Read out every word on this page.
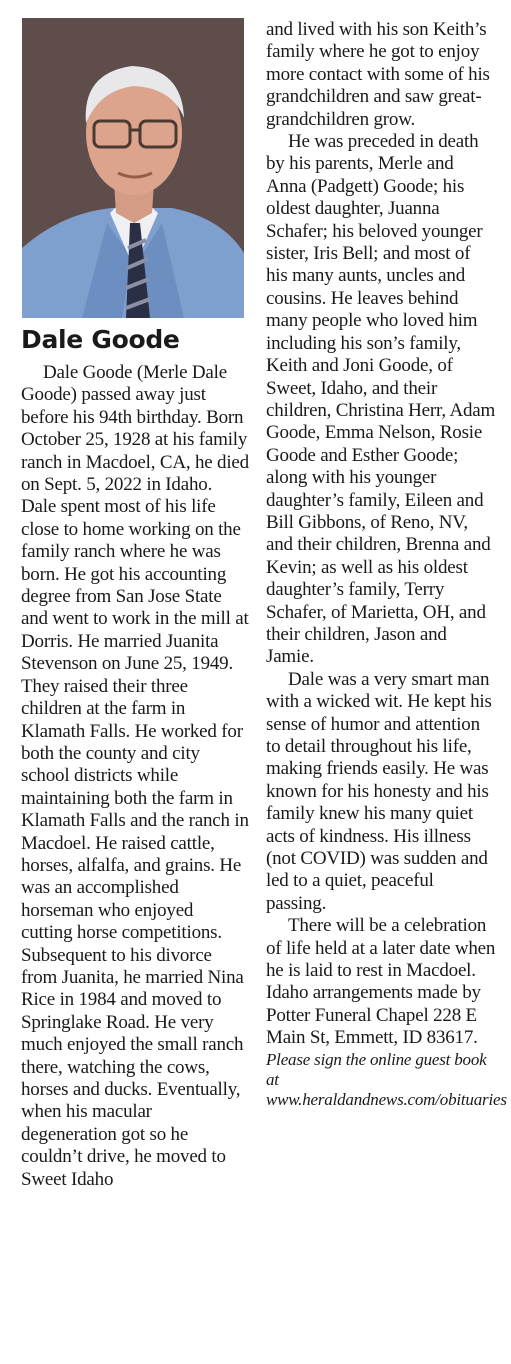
Dale Goode

Dale Goode (Merle Dale Goode) passed away just before his 94th birthday. Born October 25, 1928 at his family ranch in Macdoel, CA, he died on Sept. 5, 2022 in Idaho. Dale spent most of his life close to home working on the family ranch where he was born. He got his accounting degree from San Jose State and went to work in the mill at Dorris. He married Juanita Stevenson on June 25, 1949. They raised their three children at the farm in Klamath Falls. He worked for both the county and city school districts while maintaining both the farm in Klamath Falls and the ranch in Macdoel. He raised cattle, horses, alfalfa, and grains. He was an accomplished horseman who enjoyed cutting horse competitions. Subsequent to his divorce from Juanita, he married Nina Rice in 1984 and moved to Springlake Road. He very much enjoyed the small ranch there, watching the cows, horses and ducks. Eventually, when his macular degeneration got so he couldn’t drive, he moved to Sweet Idaho

and lived with his son Keith’s family where he got to enjoy more contact with some of his grandchildren and saw great-grandchildren grow.

He was preceded in death by his parents, Merle and Anna (Padgett) Goode; his oldest daughter, Juanna Schafer; his beloved younger sister, Iris Bell; and most of his many aunts, uncles and cousins. He leaves behind many people who loved him including his son’s family, Keith and Joni Goode, of Sweet, Idaho, and their children, Christina Herr, Adam Goode, Emma Nelson, Rosie Goode and Esther Goode; along with his younger daughter’s family, Eileen and Bill Gibbons, of Reno, NV, and their children, Brenna and Kevin; as well as his oldest daughter’s family, Terry Schafer, of Marietta, OH, and their children, Jason and Jamie.

Dale was a very smart man with a wicked wit. He kept his sense of humor and attention to detail throughout his life, making friends easily. He was known for his honesty and his family knew his many quiet acts of kindness. His illness (not COVID) was sudden and led to a quiet, peaceful passing.

There will be a celebration of life held at a later date when he is laid to rest in Macdoel. Idaho arrangements made by Potter Funeral Chapel 228 E Main St, Emmett, ID 83617.

Please sign the online guest book at www.heraldandnews.com/obituaries
